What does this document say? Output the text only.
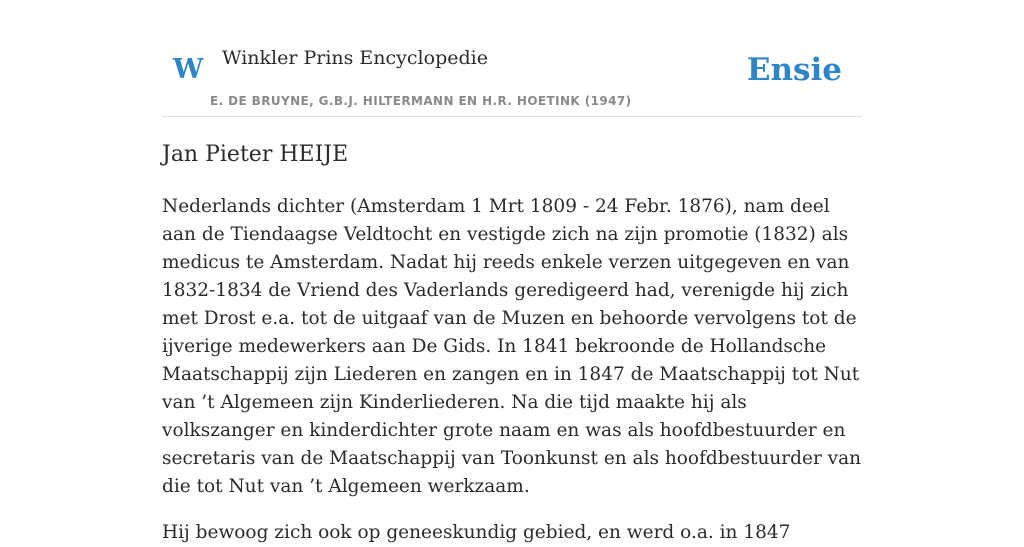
W Winkler Prins Encyclopedie
E. DE BRUYNE, G.B.J. HILTERMANN EN H.R. HOETINK (1947)
Ensie
Jan Pieter HEIJE

Nederlands dichter (Amsterdam 1 Mrt 1809 - 24 Febr. 1876), nam deel aan de Tiendaagse Veldtocht en vestigde zich na zijn promotie (1832) als medicus te Amsterdam. Nadat hij reeds enkele verzen uitgegeven en van 1832-1834 de Vriend des Vaderlands geredigeerd had, verenigde hij zich met Drost e.a. tot de uitgaaf van de Muzen en behoorde vervolgens tot de ijverige medewerkers aan De Gids. In 1841 bekroonde de Hollandsche Maatschappij zijn Liederen en zangen en in 1847 de Maatschappij tot Nut van ’t Algemeen zijn Kinderliederen. Na die tijd maakte hij als volkszanger en kinderdichter grote naam en was als hoofdbestuurder en secretaris van de Maatschappij van Toonkunst en als hoofdbestuurder van die tot Nut van ’t Algemeen werkzaam.

Hij bewoog zich ook op geneeskundig gebied, en werd o.a. in 1847
